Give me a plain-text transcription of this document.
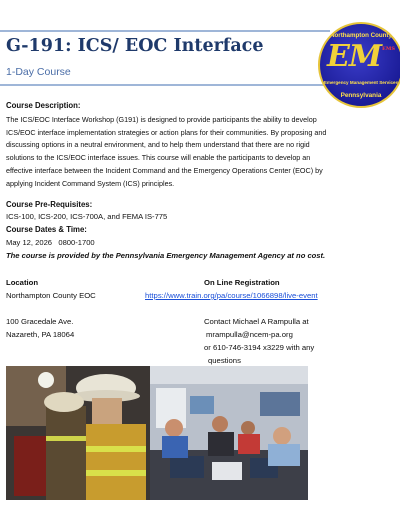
G-191: ICS/ EOC Interface
1-Day Course
Northampton County
$EM^{EMS}$
Emergency Management Services
Pennsylvania
Course Description:
The ICS/EOC Interface Workshop (G191) is designed to provide participants the ability to develop ICS/EOC interface implementation strategies or action plans for their communities. By proposing and discussing options in a neutral environment, and to help them understand that there are no rigid solutions to the ICS/EOC interface issues. This course will enable the participants to develop an effective interface between the Incident Command and the Emergency Operations Center (EOC) by applying Incident Command System (ICS) principles.
Course Pre-Requisites:
ICS-100, ICS-200, ICS-700A, and FEMA IS-775
Course Dates & Time:
May 12, 2026   0800-1700
The course is provided by the Pennsylvania Emergency Management Agency at no cost.
Location
Northampton County EOC
100 Gracedale Ave.
Nazareth, PA 18064
On Line Registration
https://www.train.org/pa/course/1066898/live-event
Contact Michael A Rampulla at
mrampulla@ncem-pa.org
or 610-746-3194 x3229 with any
questions
